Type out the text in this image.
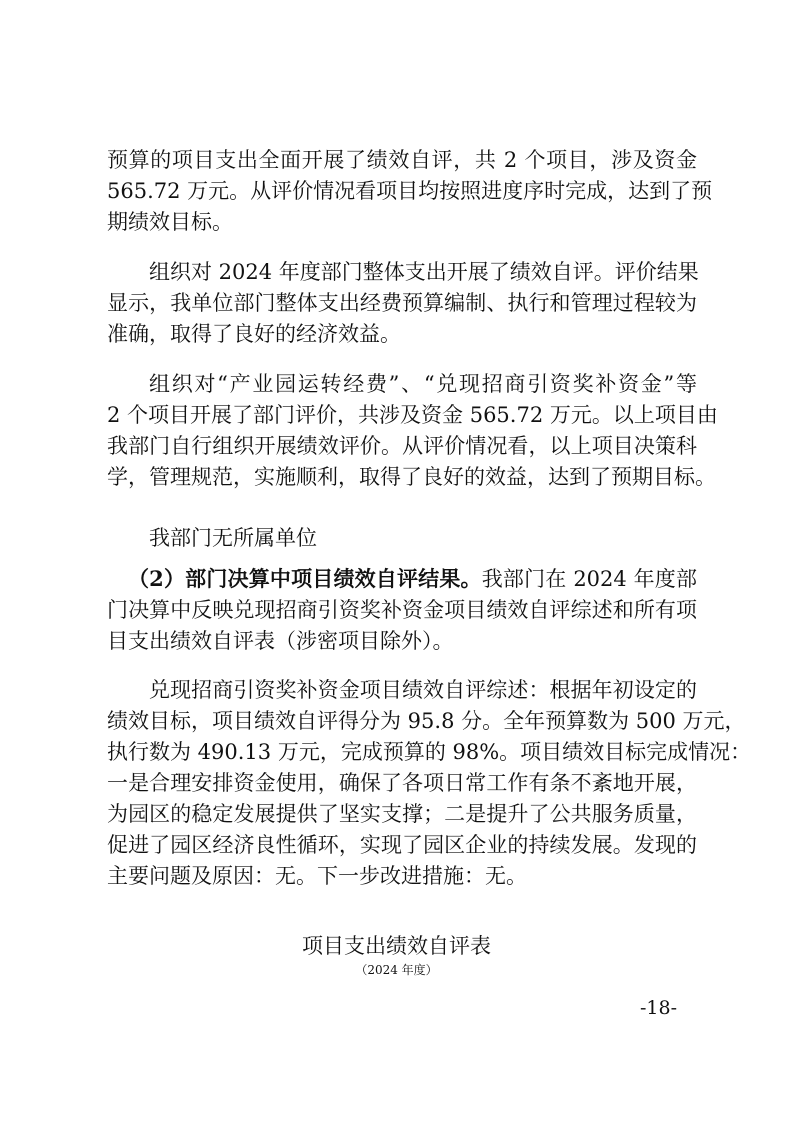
预算的项目支出全面开展了绩效自评，共 2 个项目，涉及资金
565.72 万元。从评价情况看项目均按照进度序时完成，达到了预
期绩效目标。

组织对 2024 年度部门整体支出开展了绩效自评。评价结果
显示，我单位部门整体支出经费预算编制、执行和管理过程较为
准确，取得了良好的经济效益。

组织对“产业园运转经费”、“兑现招商引资奖补资金”等
2 个项目开展了部门评价，共涉及资金 565.72 万元。以上项目由
我部门自行组织开展绩效评价。从评价情况看，以上项目决策科
学，管理规范，实施顺利，取得了良好的效益，达到了预期目标。

我部门无所属单位

（2）部门决算中项目绩效自评结果。我部门在 2024 年度部
门决算中反映兑现招商引资奖补资金项目绩效自评综述和所有项
目支出绩效自评表（涉密项目除外）。

兑现招商引资奖补资金项目绩效自评综述：根据年初设定的
绩效目标，项目绩效自评得分为 95.8 分。全年预算数为 500 万元，
执行数为 490.13 万元，完成预算的 98%。项目绩效目标完成情况：
一是合理安排资金使用，确保了各项日常工作有条不紊地开展，
为园区的稳定发展提供了坚实支撑；二是提升了公共服务质量，
促进了园区经济良性循环，实现了园区企业的持续发展。发现的
主要问题及原因：无。下一步改进措施：无。

项目支出绩效自评表
（2024 年度）
-18-
